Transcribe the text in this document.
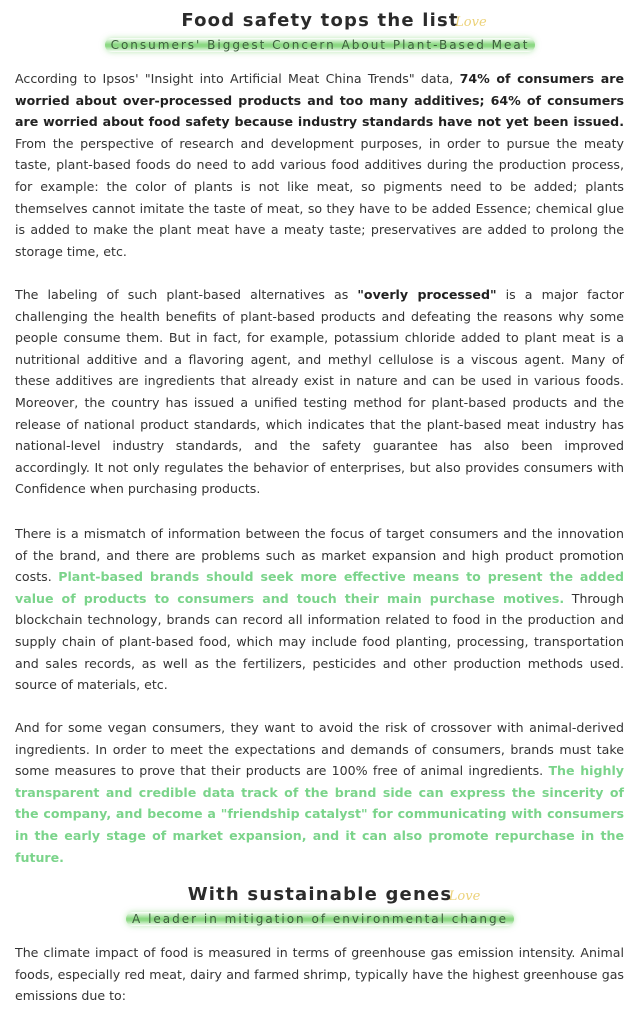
Food safety tops the list
Love
Consumers' Biggest Concern About Plant-Based Meat

According to Ipsos' "Insight into Artificial Meat China Trends" data, 74% of consumers are worried about over-processed products and too many additives; 64% of consumers are worried about food safety because industry standards have not yet been issued. From the perspective of research and development purposes, in order to pursue the meaty taste, plant-based foods do need to add various food additives during the production process, for example: the color of plants is not like meat, so pigments need to be added; plants themselves cannot imitate the taste of meat, so they have to be added Essence; chemical glue is added to make the plant meat have a meaty taste; preservatives are added to prolong the storage time, etc.

The labeling of such plant-based alternatives as "overly processed" is a major factor challenging the health benefits of plant-based products and defeating the reasons why some people consume them. But in fact, for example, potassium chloride added to plant meat is a nutritional additive and a flavoring agent, and methyl cellulose is a viscous agent. Many of these additives are ingredients that already exist in nature and can be used in various foods. Moreover, the country has issued a unified testing method for plant-based products and the release of national product standards, which indicates that the plant-based meat industry has national-level industry standards, and the safety guarantee has also been improved accordingly. It not only regulates the behavior of enterprises, but also provides consumers with Confidence when purchasing products.

There is a mismatch of information between the focus of target consumers and the innovation of the brand, and there are problems such as market expansion and high product promotion costs. Plant-based brands should seek more effective means to present the added value of products to consumers and touch their main purchase motives. Through blockchain technology, brands can record all information related to food in the production and supply chain of plant-based food, which may include food planting, processing, transportation and sales records, as well as the fertilizers, pesticides and other production methods used. source of materials, etc.

And for some vegan consumers, they want to avoid the risk of crossover with animal-derived ingredients. In order to meet the expectations and demands of consumers, brands must take some measures to prove that their products are 100% free of animal ingredients. The highly transparent and credible data track of the brand side can express the sincerity of the company, and become a "friendship catalyst" for communicating with consumers in the early stage of market expansion, and it can also promote repurchase in the future.

With sustainable genes
Love
A leader in mitigation of environmental change

The climate impact of food is measured in terms of greenhouse gas emission intensity. Animal foods, especially red meat, dairy and farmed shrimp, typically have the highest greenhouse gas emissions due to:
